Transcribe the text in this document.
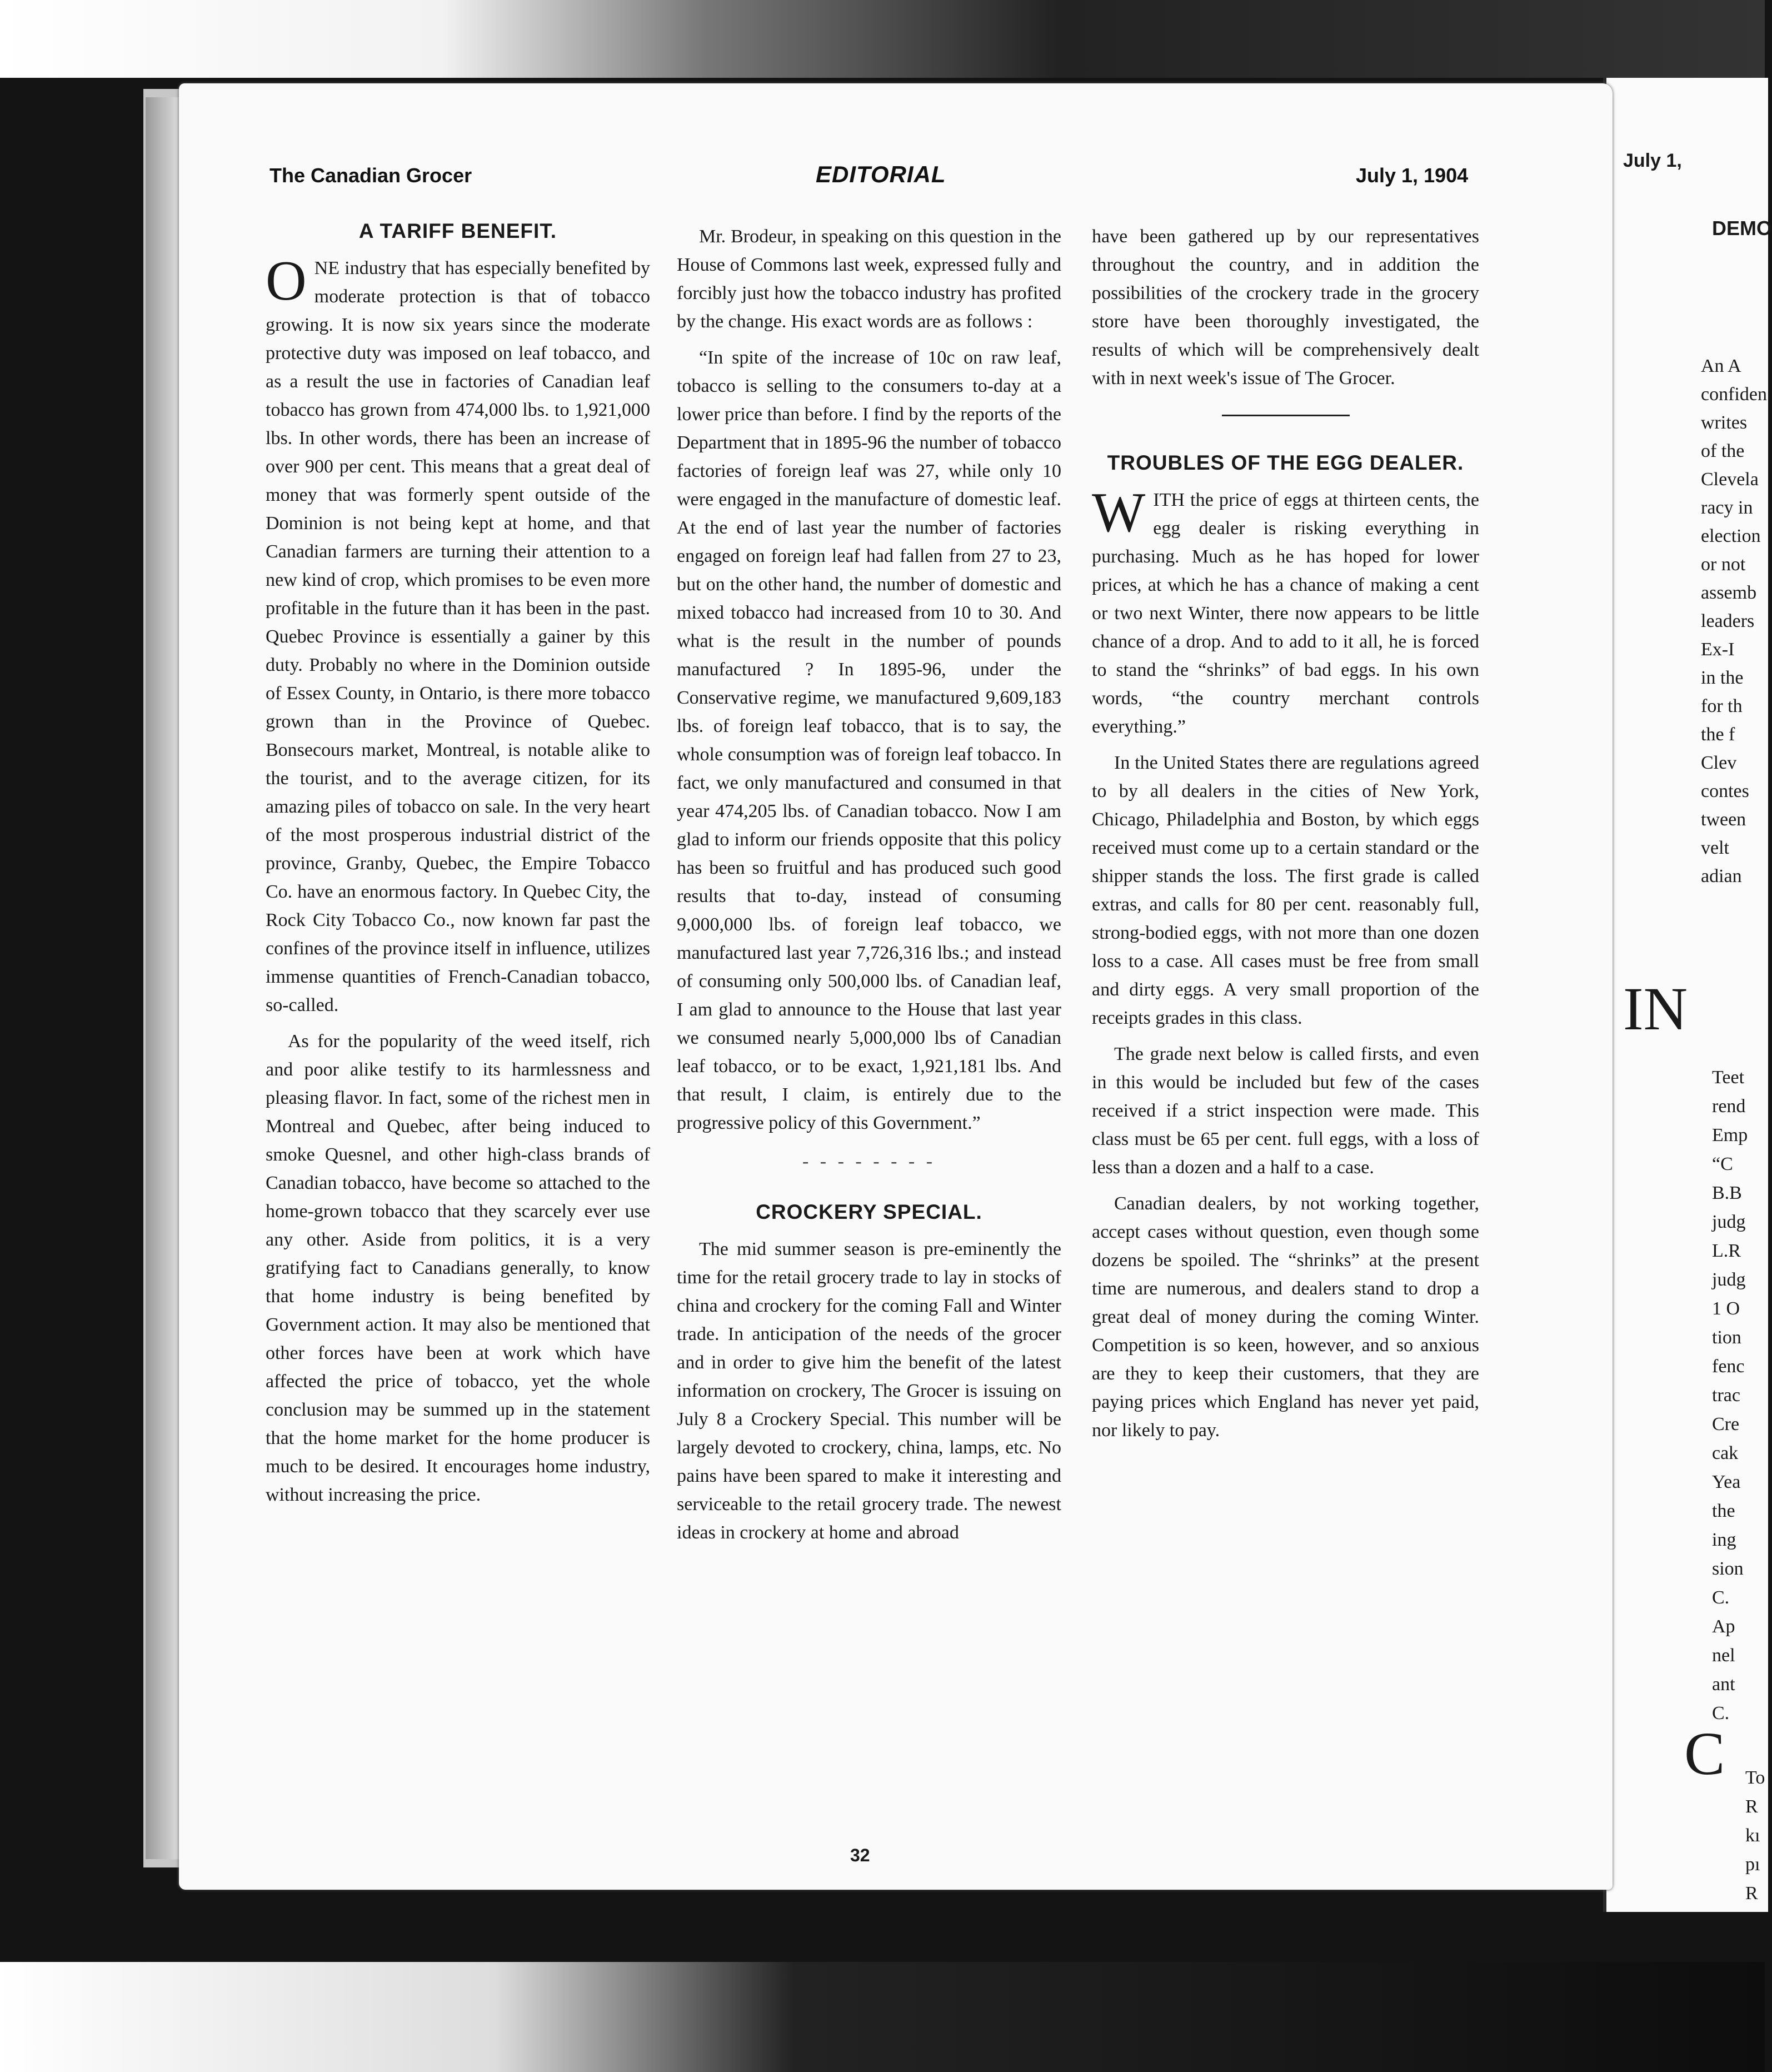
July 1,
DEMO
An A
confiden
writes
of the
Clevela
racy in
election
or not
assemb
leaders
Ex-I
in the
for th
the f
Clev
contes
tween
velt
adian
IN
Teet
rend
Emp
“C
B.B
judg
L.R
judg
1 O
tion
fenc
trac
Cre
cak
Yea
the
ing
sion
C.
Ap
nel
ant
C.
C To
R
kı
pı
R
The Canadian Grocer	EDITORIAL	July 1, 1904
A TARIFF BENEFIT.

ONE industry that has especially benefited by moderate protection is that of tobacco growing. It is now six years since the moderate protective duty was imposed on leaf tobacco, and as a result the use in factories of Canadian leaf tobacco has grown from 474,000 lbs. to 1,921,000 lbs. In other words, there has been an increase of over 900 per cent. This means that a great deal of money that was formerly spent outside of the Dominion is not being kept at home, and that Canadian farmers are turning their attention to a new kind of crop, which promises to be even more profitable in the future than it has been in the past. Quebec Province is essentially a gainer by this duty. Probably no where in the Dominion outside of Essex County, in Ontario, is there more tobacco grown than in the Province of Quebec. Bonsecours market, Montreal, is notable alike to the tourist, and to the average citizen, for its amazing piles of tobacco on sale. In the very heart of the most prosperous industrial district of the province, Granby, Quebec, the Empire Tobacco Co. have an enormous factory. In Quebec City, the Rock City Tobacco Co., now known far past the confines of the province itself in influence, utilizes immense quantities of French-Canadian tobacco, so-called.

As for the popularity of the weed itself, rich and poor alike testify to its harmlessness and pleasing flavor. In fact, some of the richest men in Montreal and Quebec, after being induced to smoke Quesnel, and other high-class brands of Canadian tobacco, have become so attached to the home-grown tobacco that they scarcely ever use any other. Aside from politics, it is a very gratifying fact to Canadians generally, to know that home industry is being benefited by Government action. It may also be mentioned that other forces have been at work which have affected the price of tobacco, yet the whole conclusion may be summed up in the statement that the home market for the home producer is much to be desired. It encourages home industry, without increasing the price.

Mr. Brodeur, in speaking on this question in the House of Commons last week, expressed fully and forcibly just how the tobacco industry has profited by the change. His exact words are as follows :

“In spite of the increase of 10c on raw leaf, tobacco is selling to the consumers to-day at a lower price than before. I find by the reports of the Department that in 1895-96 the number of tobacco factories of foreign leaf was 27, while only 10 were engaged in the manufacture of domestic leaf. At the end of last year the number of factories engaged on foreign leaf had fallen from 27 to 23, but on the other hand, the number of domestic and mixed tobacco had increased from 10 to 30. And what is the result in the number of pounds manufactured ? In 1895-96, under the Conservative regime, we manufactured 9,609,183 lbs. of foreign leaf tobacco, that is to say, the whole consumption was of foreign leaf tobacco. In fact, we only manufactured and consumed in that year 474,205 lbs. of Canadian tobacco. Now I am glad to inform our friends opposite that this policy has been so fruitful and has produced such good results that to-day, instead of consuming 9,000,000 lbs. of foreign leaf tobacco, we manufactured last year 7,726,316 lbs.; and instead of consuming only 500,000 lbs. of Canadian leaf, I am glad to announce to the House that last year we consumed nearly 5,000,000 lbs of Canadian leaf tobacco, or to be exact, 1,921,181 lbs. And that result, I claim, is entirely due to the progressive policy of this Government.”

- - - - - - - -
CROCKERY SPECIAL.

The mid summer season is pre-eminently the time for the retail grocery trade to lay in stocks of china and crockery for the coming Fall and Winter trade. In anticipation of the needs of the grocer and in order to give him the benefit of the latest information on crockery, The Grocer is issuing on July 8 a Crockery Special. This number will be largely devoted to crockery, china, lamps, etc. No pains have been spared to make it interesting and serviceable to the retail grocery trade. The newest ideas in crockery at home and abroad

have been gathered up by our representatives throughout the country, and in addition the possibilities of the crockery trade in the grocery store have been thoroughly investigated, the results of which will be comprehensively dealt with in next week's issue of The Grocer.

TROUBLES OF THE EGG DEALER.

WITH the price of eggs at thirteen cents, the egg dealer is risking everything in purchasing. Much as he has hoped for lower prices, at which he has a chance of making a cent or two next Winter, there now appears to be little chance of a drop. And to add to it all, he is forced to stand the “shrinks” of bad eggs. In his own words, “the country merchant controls everything.”

In the United States there are regulations agreed to by all dealers in the cities of New York, Chicago, Philadelphia and Boston, by which eggs received must come up to a certain standard or the shipper stands the loss. The first grade is called extras, and calls for 80 per cent. reasonably full, strong-bodied eggs, with not more than one dozen loss to a case. All cases must be free from small and dirty eggs. A very small proportion of the receipts grades in this class.

The grade next below is called firsts, and even in this would be included but few of the cases received if a strict inspection were made. This class must be 65 per cent. full eggs, with a loss of less than a dozen and a half to a case.

Canadian dealers, by not working together, accept cases without question, even though some dozens be spoiled. The “shrinks” at the present time are numerous, and dealers stand to drop a great deal of money during the coming Winter. Competition is so keen, however, and so anxious are they to keep their customers, that they are paying prices which England has never yet paid, nor likely to pay.

32
